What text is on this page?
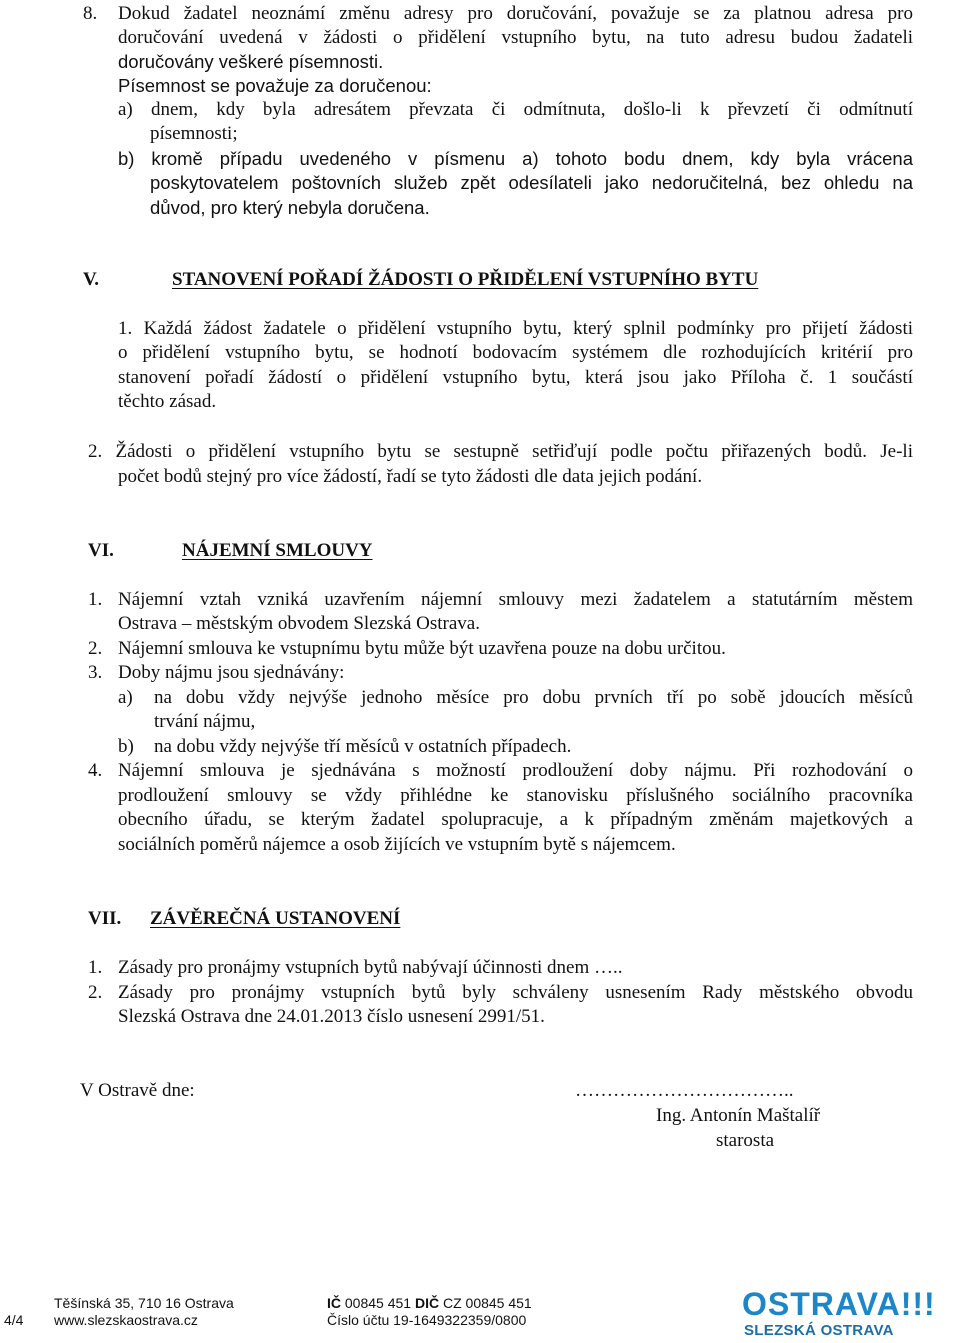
8. Dokud žadatel neoznámí změnu adresy pro doručování, považuje se za platnou adresa pro
doručování uvedená v žádosti o přidělení vstupního bytu, na tuto adresu budou žadateli
doručovány veškeré písemnosti.
Písemnost se považuje za doručenou:
a) dnem, kdy byla adresátem převzata či odmítnuta, došlo-li k převzetí či odmítnutí
písemnosti;
b) kromě případu uvedeného v písmenu a) tohoto bodu dnem, kdy byla vrácena
poskytovatelem poštovních služeb zpět odesílateli jako nedoručitelná, bez ohledu na
důvod, pro který nebyla doručena.
V.	STANOVENÍ POŘADÍ ŽÁDOSTI O PŘIDĚLENÍ VSTUPNÍHO BYTU
1. Každá žádost žadatele o přidělení vstupního bytu, který splnil podmínky pro přijetí žádosti
o přidělení vstupního bytu, se hodnotí bodovacím systémem dle rozhodujících kritérií pro
stanovení pořadí žádostí o přidělení vstupního bytu, která jsou jako Příloha č. 1 součástí
těchto zásad.
2. Žádosti o přidělení vstupního bytu se sestupně setřiďují podle počtu přiřazených bodů. Je-li
počet bodů stejný pro více žádostí, řadí se tyto žádosti dle data jejich podání.
VI.	NÁJEMNÍ SMLOUVY
1. Nájemní vztah vzniká uzavřením nájemní smlouvy mezi žadatelem a statutárním městem
Ostrava – městským obvodem Slezská Ostrava.
2. Nájemní smlouva ke vstupnímu bytu může být uzavřena pouze na dobu určitou.
3. Doby nájmu jsou sjednávány:
a) na dobu vždy nejvýše jednoho měsíce pro dobu prvních tří po sobě jdoucích měsíců
trvání nájmu,
b) na dobu vždy nejvýše tří měsíců v ostatních případech.
4. Nájemní smlouva je sjednávána s možností prodloužení doby nájmu. Při rozhodování o
prodloužení smlouvy se vždy přihlédne ke stanovisku příslušného sociálního pracovníka
obecního úřadu, se kterým žadatel spolupracuje, a k případným změnám majetkových a
sociálních poměrů nájemce a osob žijících ve vstupním bytě s nájemcem.
VII. ZÁVĚREČNÁ USTANOVENÍ
1. Zásady pro pronájmy vstupních bytů nabývají účinnosti dnem …..
2. Zásady pro pronájmy vstupních bytů byly schváleny usnesením Rady městského obvodu
Slezská Ostrava dne 24.01.2013 číslo usnesení 2991/51.
V Ostravě dne:	……………………………..
Ing. Antonín Maštalíř
starosta
4/4
Těšínská 35, 710 16 Ostrava
www.slezskaostrava.cz
IČ 00845 451 DIČ CZ 00845 451
Číslo účtu 19-1649322359/0800	OSTRAVA!!!
SLEZSKÁ OSTRAVA
